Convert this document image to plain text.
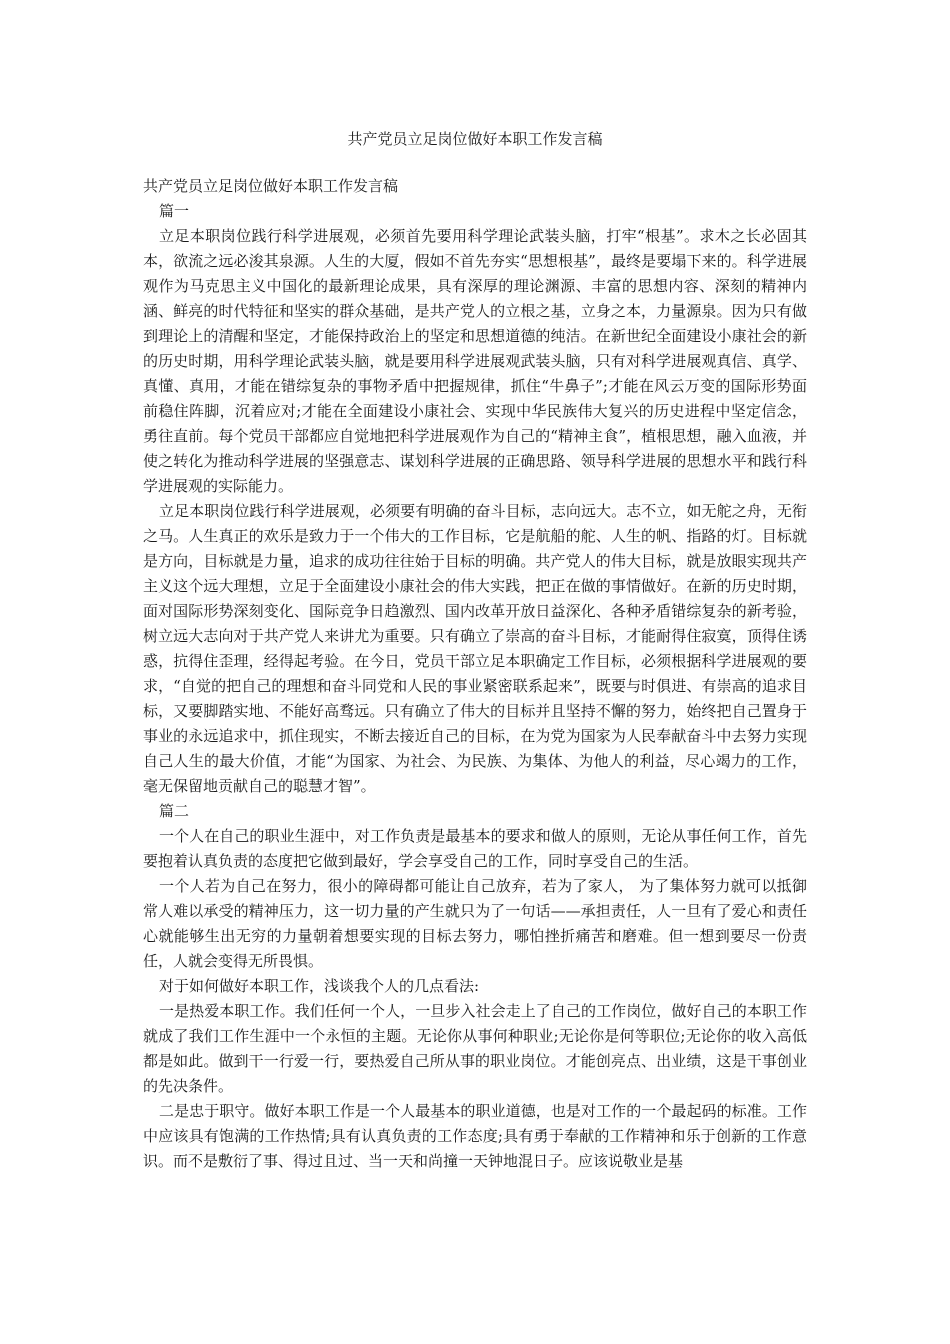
共产党员立足岗位做好本职工作发言稿

共产党员立足岗位做好本职工作发言稿

篇一

立足本职岗位践行科学进展观，必须首先要用科学理论武装头脑，打牢“根基”。求木之长必固其本，欲流之远必浚其泉源。人生的大厦，假如不首先夯实“思想根基”，最终是要塌下来的。科学进展观作为马克思主义中国化的最新理论成果，具有深厚的理论渊源、丰富的思想内容、深刻的精神内涵、鲜亮的时代特征和坚实的群众基础，是共产党人的立根之基，立身之本，力量源泉。因为只有做到理论上的清醒和坚定，才能保持政治上的坚定和思想道德的纯洁。在新世纪全面建设小康社会的新的历史时期，用科学理论武装头脑，就是要用科学进展观武装头脑，只有对科学进展观真信、真学、真懂、真用，才能在错综复杂的事物矛盾中把握规律，抓住“牛鼻子”;才能在风云万变的国际形势面前稳住阵脚，沉着应对;才能在全面建设小康社会、实现中华民族伟大复兴的历史进程中坚定信念，勇往直前。每个党员干部都应自觉地把科学进展观作为自己的“精神主食”，植根思想，融入血液，并使之转化为推动科学进展的坚强意志、谋划科学进展的正确思路、领导科学进展的思想水平和践行科学进展观的实际能力。

立足本职岗位践行科学进展观，必须要有明确的奋斗目标，志向远大。志不立，如无舵之舟，无衔之马。人生真正的欢乐是致力于一个伟大的工作目标，它是航船的舵、人生的帆、指路的灯。目标就是方向，目标就是力量，追求的成功往往始于目标的明确。共产党人的伟大目标，就是放眼实现共产主义这个远大理想，立足于全面建设小康社会的伟大实践，把正在做的事情做好。在新的历史时期，面对国际形势深刻变化、国际竞争日趋激烈、国内改革开放日益深化、各种矛盾错综复杂的新考验，树立远大志向对于共产党人来讲尤为重要。只有确立了崇高的奋斗目标，才能耐得住寂寞，顶得住诱惑，抗得住歪理，经得起考验。在今日，党员干部立足本职确定工作目标，必须根据科学进展观的要求，“自觉的把自己的理想和奋斗同党和人民的事业紧密联系起来”，既要与时俱进、有崇高的追求目标，又要脚踏实地、不能好高骛远。只有确立了伟大的目标并且坚持不懈的努力，始终把自己置身于事业的永远追求中，抓住现实，不断去接近自己的目标，在为党为国家为人民奉献奋斗中去努力实现自己人生的最大价值，才能“为国家、为社会、为民族、为集体、为他人的利益，尽心竭力的工作，毫无保留地贡献自己的聪慧才智”。

篇二

一个人在自己的职业生涯中，对工作负责是最基本的要求和做人的原则，无论从事任何工作，首先要抱着认真负责的态度把它做到最好，学会享受自己的工作，同时享受自己的生活。

一个人若为自己在努力，很小的障碍都可能让自己放弃，若为了家人， 为了集体努力就可以抵御常人难以承受的精神压力，这一切力量的产生就只为了一句话——承担责任，人一旦有了爱心和责任心就能够生出无穷的力量朝着想要实现的目标去努力，哪怕挫折痛苦和磨难。但一想到要尽一份责任，人就会变得无所畏惧。

对于如何做好本职工作，浅谈我个人的几点看法:

一是热爱本职工作。我们任何一个人，一旦步入社会走上了自己的工作岗位，做好自己的本职工作就成了我们工作生涯中一个永恒的主题。无论你从事何种职业;无论你是何等职位;无论你的收入高低都是如此。做到干一行爱一行，要热爱自己所从事的职业岗位。才能创亮点、出业绩，这是干事创业的先决条件。

二是忠于职守。做好本职工作是一个人最基本的职业道德，也是对工作的一个最起码的标准。工作中应该具有饱满的工作热情;具有认真负责的工作态度;具有勇于奉献的工作精神和乐于创新的工作意识。而不是敷衍了事、得过且过、当一天和尚撞一天钟地混日子。应该说敬业是基
